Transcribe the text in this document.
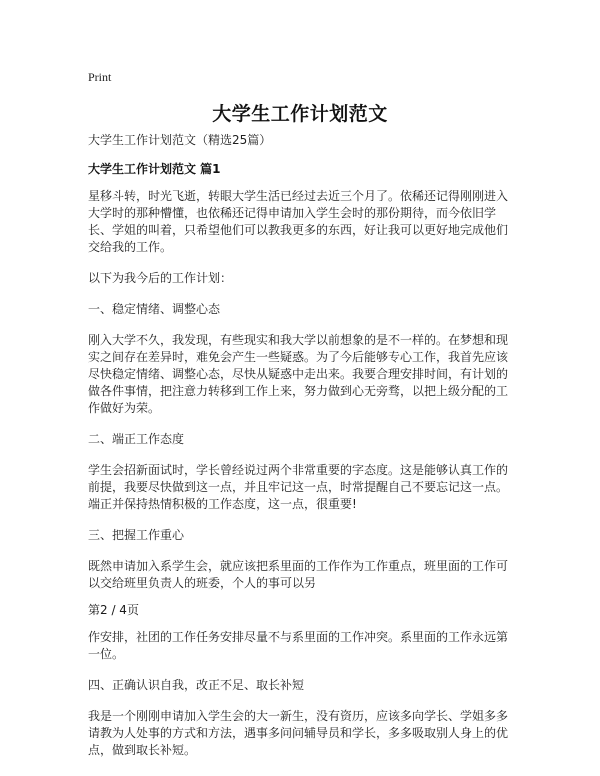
Print
大学生工作计划范文

大学生工作计划范文（精选25篇）

大学生工作计划范文 篇1

星移斗转，时光飞逝，转眼大学生活已经过去近三个月了。依稀还记得刚刚进入大学时的那种懵懂，也依稀还记得申请加入学生会时的那份期待，而今依旧学长、学姐的叫着，只希望他们可以教我更多的东西，好让我可以更好地完成他们交给我的工作。

以下为我今后的工作计划：

一、稳定情绪、调整心态

刚入大学不久，我发现，有些现实和我大学以前想象的是不一样的。在梦想和现实之间存在差异时，难免会产生一些疑惑。为了今后能够专心工作，我首先应该尽快稳定情绪、调整心态，尽快从疑惑中走出来。我要合理安排时间，有计划的做各件事情，把注意力转移到工作上来，努力做到心无旁骛，以把上级分配的工作做好为荣。

二、端正工作态度

学生会招新面试时，学长曾经说过两个非常重要的字态度。这是能够认真工作的前提，我要尽快做到这一点，并且牢记这一点，时常提醒自己不要忘记这一点。端正并保持热情积极的工作态度，这一点，很重要!

三、把握工作重心

既然申请加入系学生会，就应该把系里面的工作作为工作重点，班里面的工作可以交给班里负责人的班委，个人的事可以另

第2 / 4页

作安排，社团的工作任务安排尽量不与系里面的工作冲突。系里面的工作永远第一位。

四、正确认识自我，改正不足、取长补短

我是一个刚刚申请加入学生会的大一新生，没有资历，应该多向学长、学姐多多请教为人处事的方式和方法，遇事多问问辅导员和学长，多多吸取别人身上的优点，做到取长补短。
